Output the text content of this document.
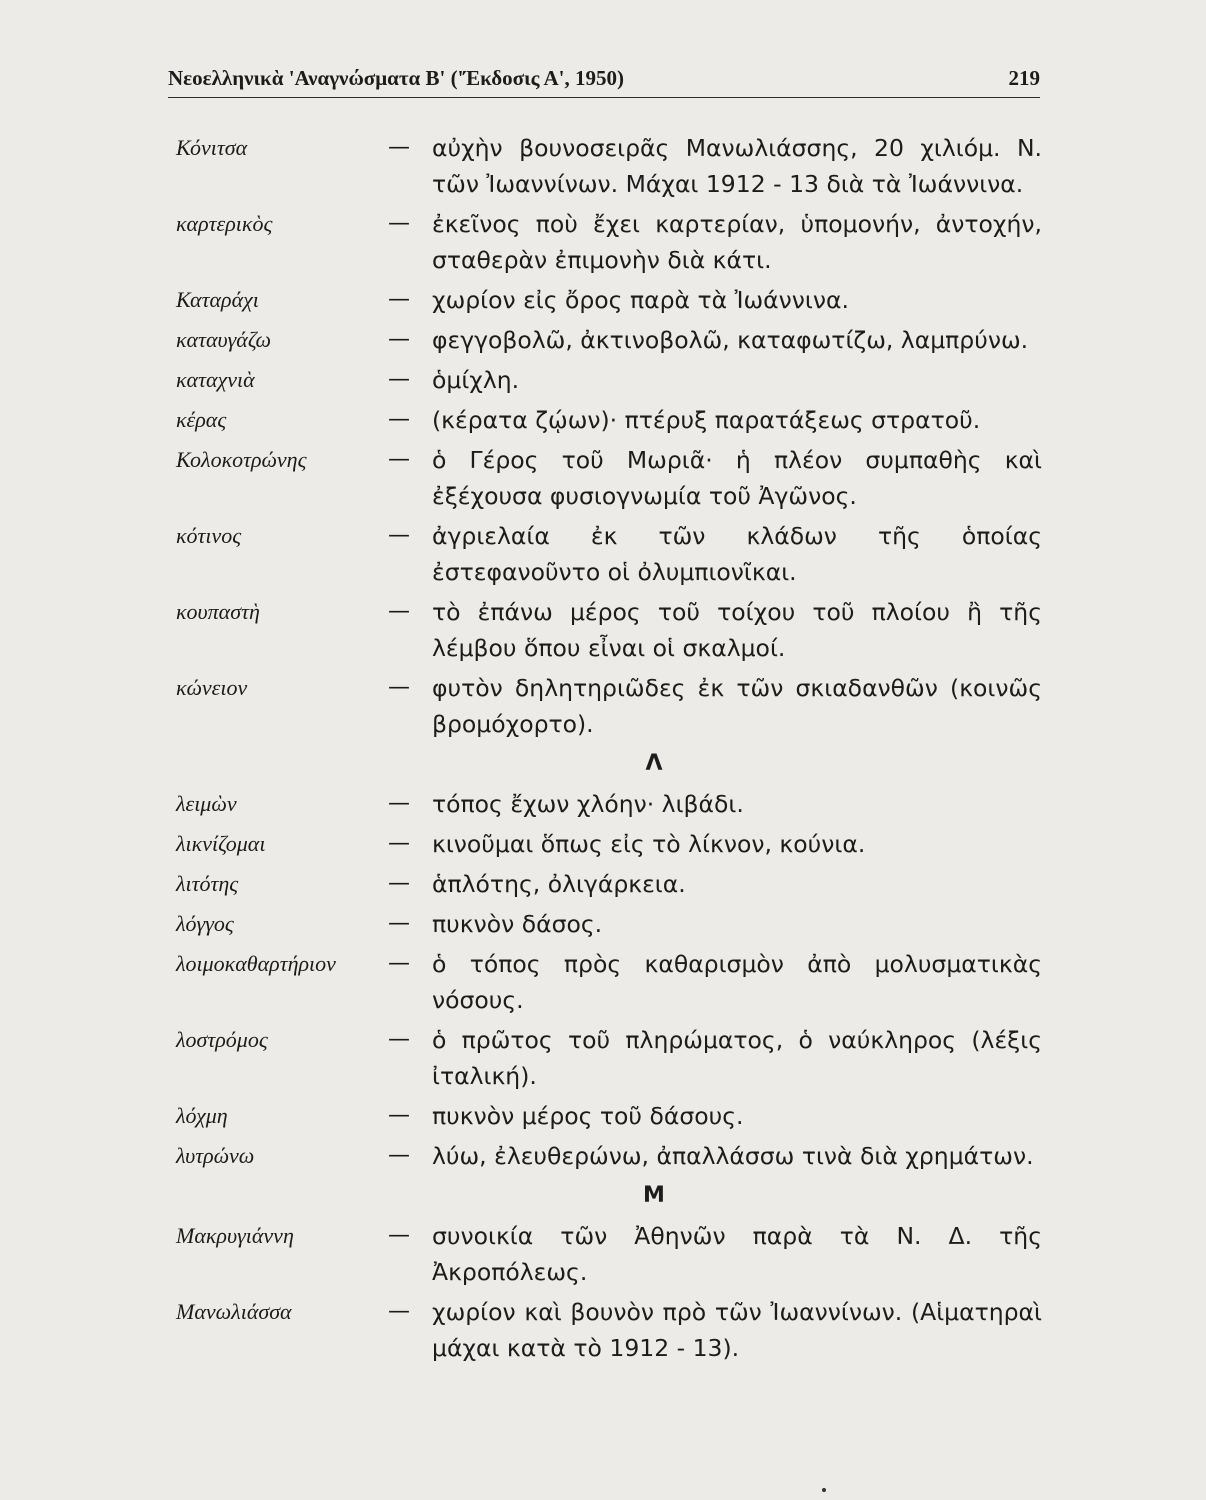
Νεοελληνικὰ 'Αναγνώσματα Β' ('Έκδοσις Α', 1950)	219
Κόνιτσα	— αὐχὴν βουνοσειρᾶς Μανωλιάσσης, 20 χιλιόμ. Ν. τῶν Ἰωαννίνων. Μάχαι 1912 - 13 διὰ τὰ Ἰωάννινα.
καρτερικὸς	— ἐκεῖνος ποὺ ἔχει καρτερίαν, ὑπομονήν, ἀντοχήν, σταθερὰν ἐπιμονὴν διὰ κάτι.
Καταράχι	— χωρίον εἰς ὄρος παρὰ τὰ Ἰωάννινα.
καταυγάζω	— φεγγοβολῶ, ἀκτινοβολῶ, καταφωτίζω, λαμπρύνω.
καταχνιὰ	— ὁμίχλη.
κέρας	— (κέρατα ζῴων)· πτέρυξ παρατάξεως στρατοῦ.
Κολοκοτρώνης	— ὁ Γέρος τοῦ Μωριᾶ· ἡ πλέον συμπαθὴς καὶ ἐξέχουσα φυσιογνωμία τοῦ Ἀγῶνος.
κότινος	— ἀγριελαία ἐκ τῶν κλάδων τῆς ὁποίας ἐστεφανοῦντο οἱ ὀλυμπιονῖκαι.
κουπαστὴ	— τὸ ἐπάνω μέρος τοῦ τοίχου τοῦ πλοίου ἢ τῆς λέμβου ὅπου εἶναι οἱ σκαλμοί.
κώνειον	— φυτὸν δηλητηριῶδες ἐκ τῶν σκιαδανθῶν (κοινῶς βρομόχορτο).
Λ
λειμὼν	— τόπος ἔχων χλόην· λιβάδι.
λικνίζομαι	— κινοῦμαι ὅπως εἰς τὸ λίκνον, κούνια.
λιτότης	— ἁπλότης, ὀλιγάρκεια.
λόγγος	— πυκνὸν δάσος.
λοιμοκαθαρτήριον	— ὁ τόπος πρὸς καθαρισμὸν ἀπὸ μολυσματικὰς νόσους.
λοστρόμος	— ὁ πρῶτος τοῦ πληρώματος, ὁ ναύκληρος (λέξις ἰταλική).
λόχμη	— πυκνὸν μέρος τοῦ δάσους.
λυτρώνω	— λύω, ἐλευθερώνω, ἀπαλλάσσω τινὰ διὰ χρημάτων.
Μ
Μακρυγιάννη	— συνοικία τῶν Ἀθηνῶν παρὰ τὰ Ν. Δ. τῆς Ἀκροπόλεως.
Μανωλιάσσα	— χωρίον καὶ βουνὸν πρὸ τῶν Ἰωαννίνων. (Αἱματηραὶ μάχαι κατὰ τὸ 1912 - 13).
